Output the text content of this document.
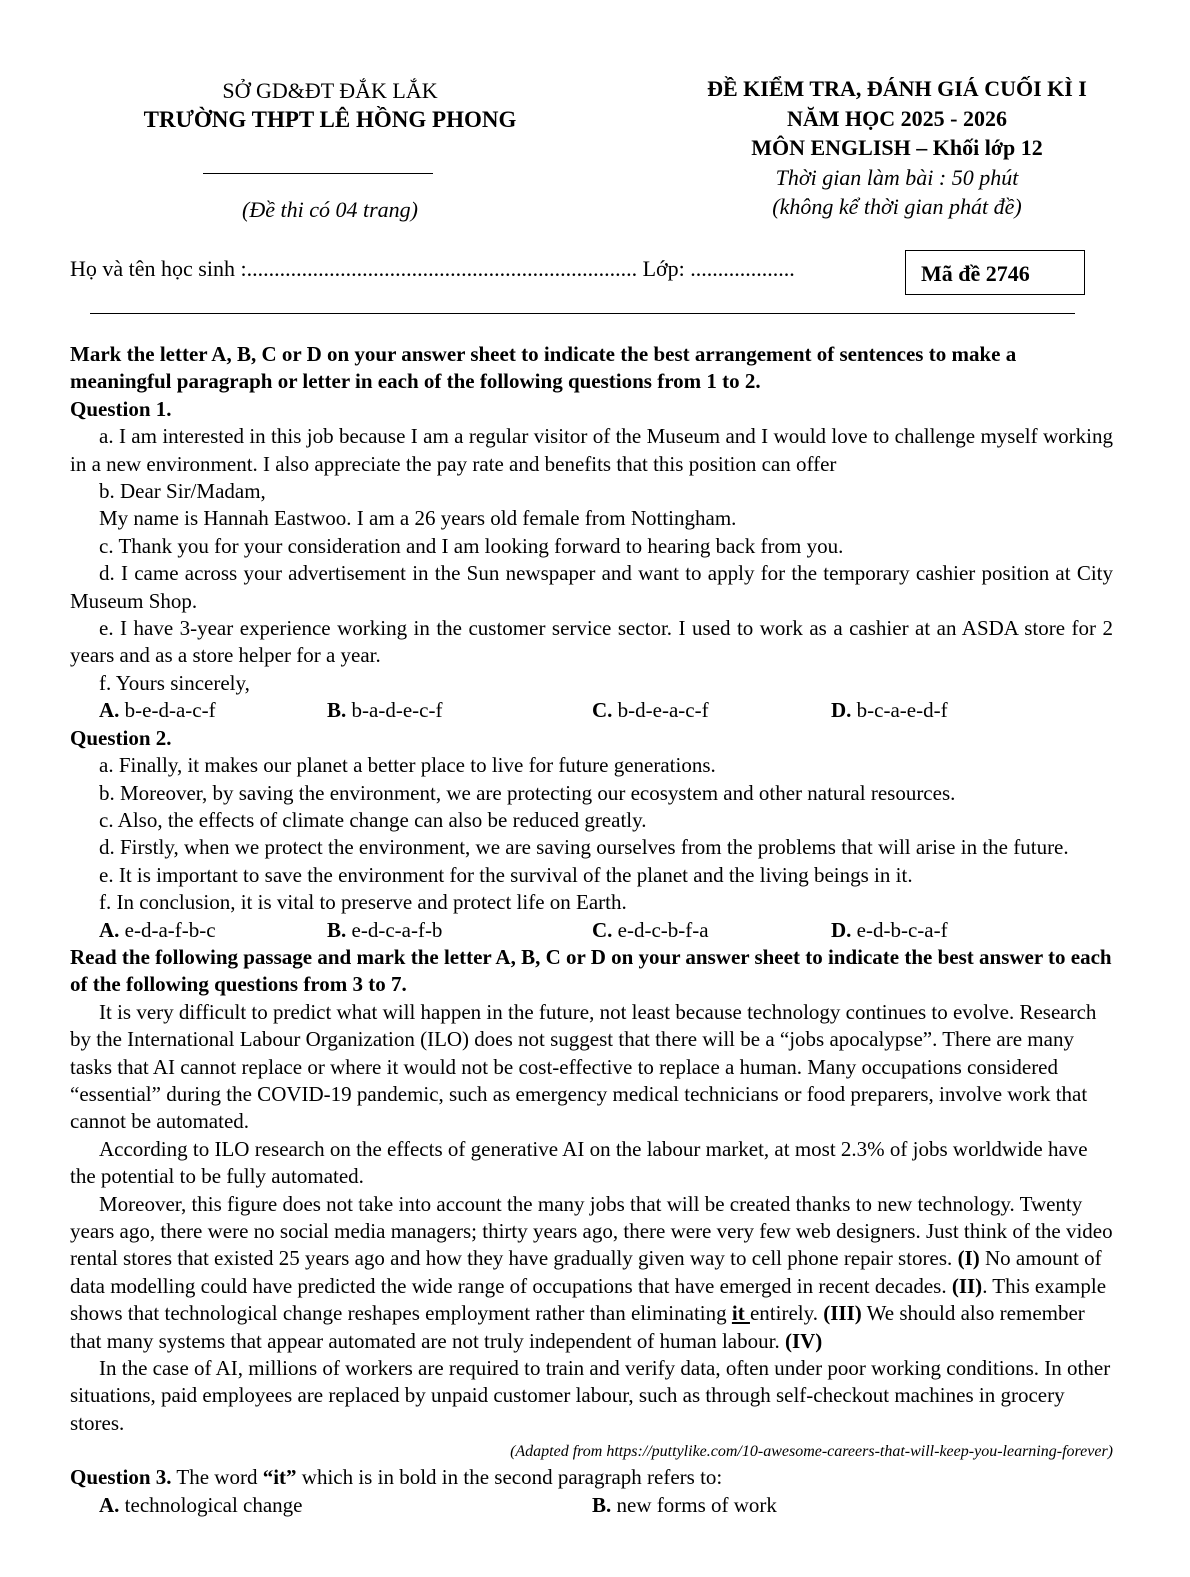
SỞ GD&ĐT ĐẮK LẮK
TRƯỜNG THPT LÊ HỒNG PHONG
(Đề thi có 04 trang)
ĐỀ KIỂM TRA, ĐÁNH GIÁ CUỐI KÌ I
NĂM HỌC 2025 - 2026
MÔN ENGLISH – Khối lớp 12
Thời gian làm bài : 50 phút
(không kể thời gian phát đề)
Họ và tên học sinh :....................................................................... Lớp: ...................	Mã đề 2746

Mark the letter A, B, C or D on your answer sheet to indicate the best arrangement of sentences to make a meaningful paragraph or letter in each of the following questions from 1 to 2.

Question 1.

a. I am interested in this job because I am a regular visitor of the Museum and I would love to challenge myself working in a new environment. I also appreciate the pay rate and benefits that this position can offer

b. Dear Sir/Madam,

My name is Hannah Eastwoo. I am a 26 years old female from Nottingham.

c. Thank you for your consideration and I am looking forward to hearing back from you.

d. I came across your advertisement in the Sun newspaper and want to apply for the temporary cashier position at City Museum Shop.

e. I have 3-year experience working in the customer service sector. I used to work as a cashier at an ASDA store for 2 years and as a store helper for a year.

f. Yours sincerely,

A. b-e-d-a-c-f	B. b-a-d-e-c-f	C. b-d-e-a-c-f	D. b-c-a-e-d-f

Question 2.

a. Finally, it makes our planet a better place to live for future generations.

b. Moreover, by saving the environment, we are protecting our ecosystem and other natural resources.

c. Also, the effects of climate change can also be reduced greatly.

d. Firstly, when we protect the environment, we are saving ourselves from the problems that will arise in the future.

e. It is important to save the environment for the survival of the planet and the living beings in it.

f. In conclusion, it is vital to preserve and protect life on Earth.

A. e-d-a-f-b-c	B. e-d-c-a-f-b	C. e-d-c-b-f-a	D. e-d-b-c-a-f

Read the following passage and mark the letter A, B, C or D on your answer sheet to indicate the best answer to each of the following questions from 3 to 7.

It is very difficult to predict what will happen in the future, not least because technology continues to evolve. Research by the International Labour Organization (ILO) does not suggest that there will be a “jobs apocalypse”. There are many tasks that AI cannot replace or where it would not be cost-effective to replace a human. Many occupations considered “essential” during the COVID-19 pandemic, such as emergency medical technicians or food preparers, involve work that cannot be automated.

According to ILO research on the effects of generative AI on the labour market, at most 2.3% of jobs worldwide have the potential to be fully automated.

Moreover, this figure does not take into account the many jobs that will be created thanks to new technology. Twenty years ago, there were no social media managers; thirty years ago, there were very few web designers. Just think of the video rental stores that existed 25 years ago and how they have gradually given way to cell phone repair stores. (I) No amount of data modelling could have predicted the wide range of occupations that have emerged in recent decades. (II). This example shows that technological change reshapes employment rather than eliminating it entirely. (III) We should also remember that many systems that appear automated are not truly independent of human labour. (IV)

In the case of AI, millions of workers are required to train and verify data, often under poor working conditions. In other situations, paid employees are replaced by unpaid customer labour, such as through self-checkout machines in grocery stores.

(Adapted from https://puttylike.com/10-awesome-careers-that-will-keep-you-learning-forever)

Question 3. The word “it” which is in bold in the second paragraph refers to:

A. technological change	B. new forms of work
